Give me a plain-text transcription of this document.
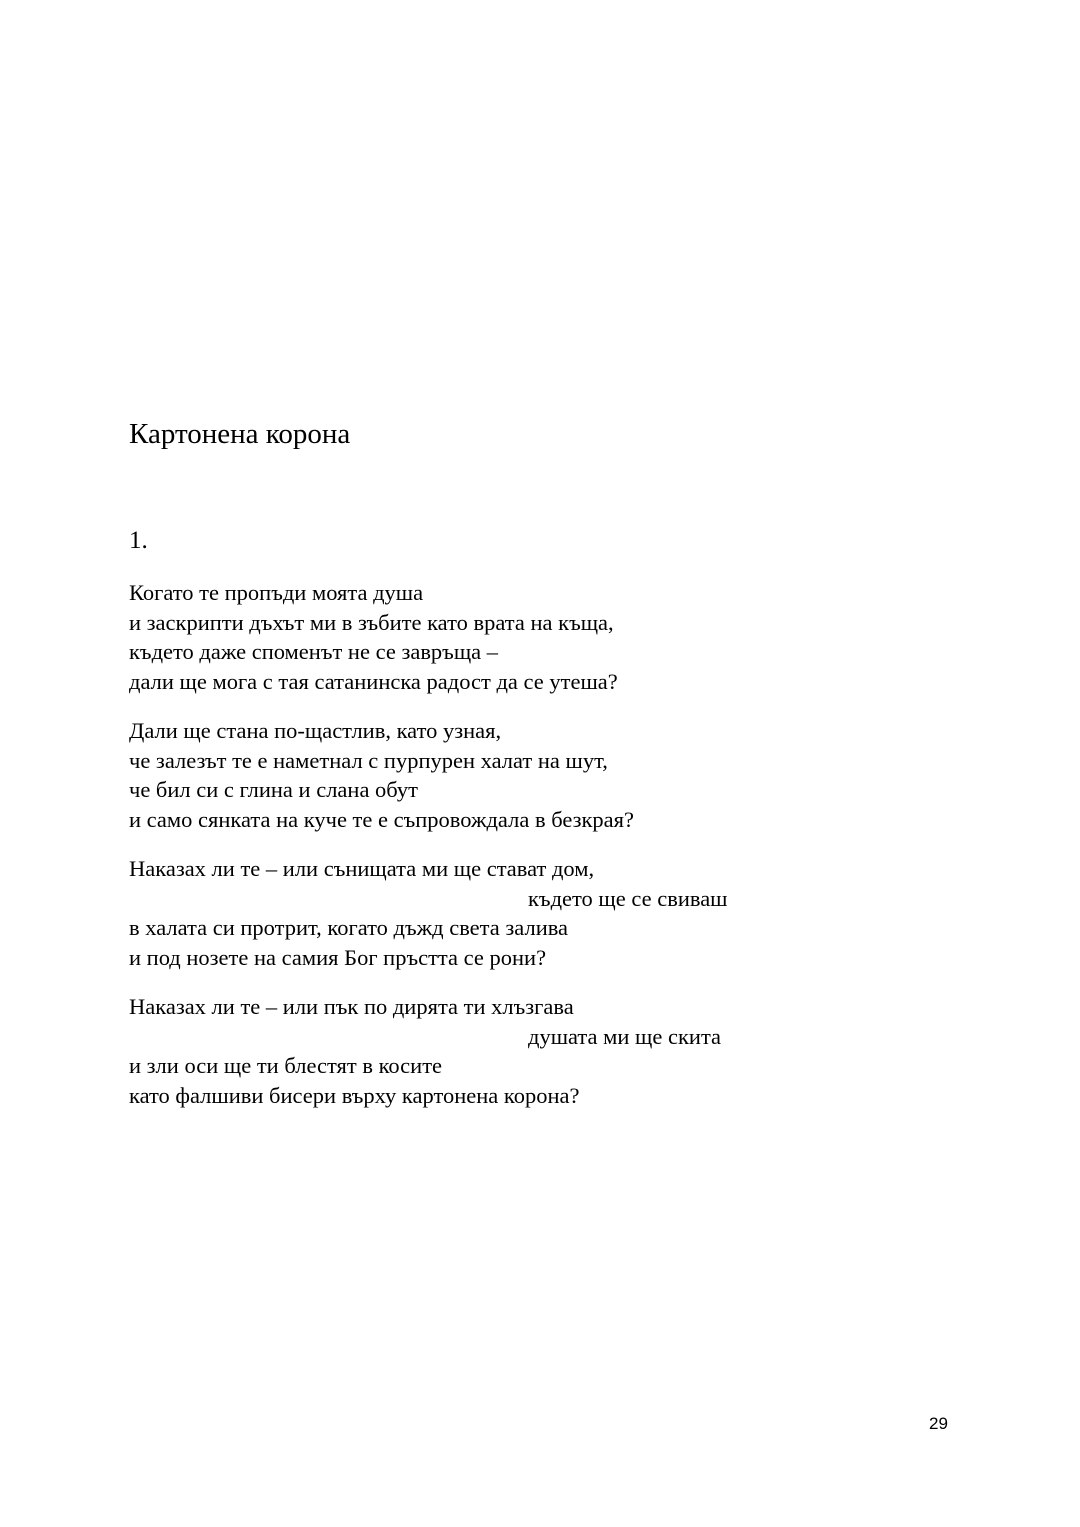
Картонена корона
1.

Когато те пропъди моята душа
и заскрипти дъхът ми в зъбите като врата на къща,
където даже споменът не се завръща –
дали ще мога с тая сатанинска радост да се утеша?

Дали ще стана по-щастлив, като узная,
че залезът те е наметнал с пурпурен халат на шут,
че бил си с глина и слана обут
и само сянката на куче те е съпровождала в безкрая?

Наказах ли те – или сънищата ми ще стават дом,
където ще се свиваш
в халата си протрит, когато дъжд света залива
и под нозете на самия Бог пръстта се рони?

Наказах ли те – или пък по дирята ти хлъзгава
душата ми ще скита
и зли оси ще ти блестят в косите
като фалшиви бисери върху картонена корона?

29
